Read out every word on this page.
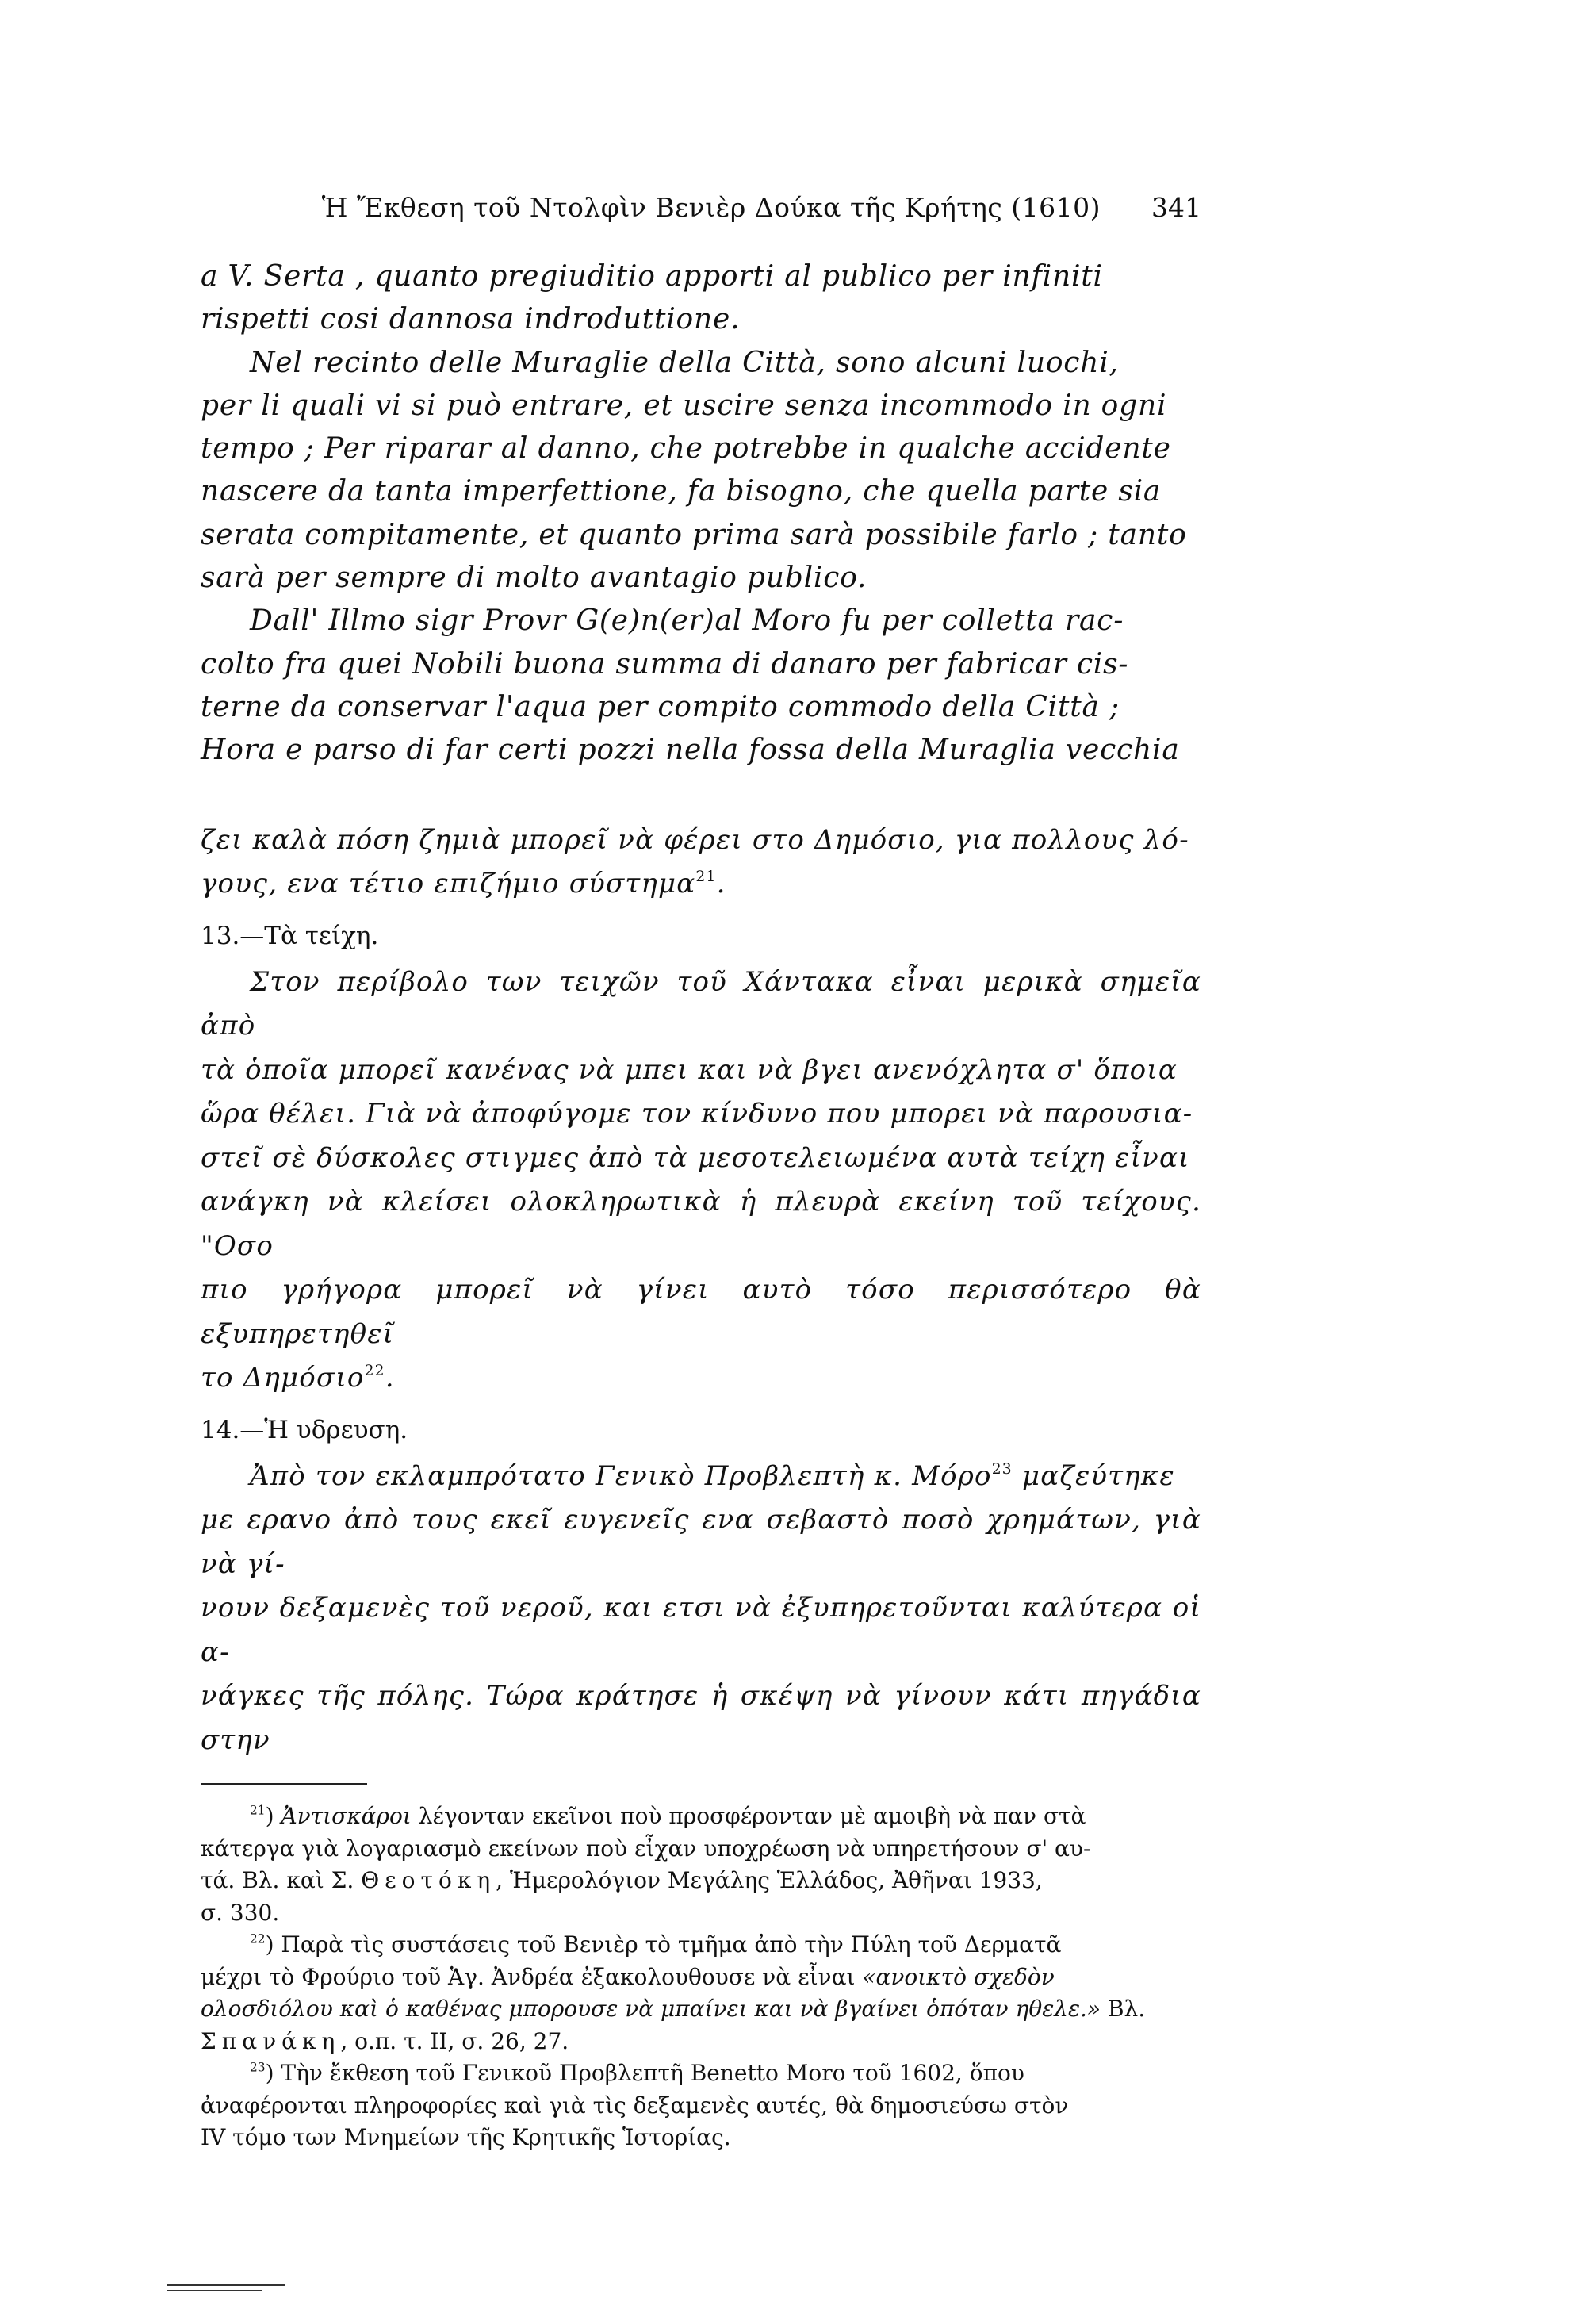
Ἡ Ἔκθεση τοῦ Ντολφὶν Βενιὲρ Δούκα τῆς Κρήτης (1610) 341
a V. Serta , quanto pregiuditio apporti al publico per infiniti
rispetti cosi dannosa indroduttione.
Nel recinto delle Muraglie della Città, sono alcuni luochi,
per li quali vi si può entrare, et uscire senza incommodo in ogni
tempo ; Per riparar al danno, che potrebbe in qualche accidente
nascere da tanta imperfettione, fa bisogno, che quella parte sia
serata compitamente, et quanto prima sarà possibile farlo ; tanto
sarà per sempre di molto avantagio publico.
Dall' Illmo sigr Provr G(e)n(er)al Moro fu per colletta rac-
colto fra quei Nobili buona summa di danaro per fabricar cis-
terne da conservar l'aqua per compito commodo della Città ;
Hora e parso di far certi pozzi nella fossa della Muraglia vecchia
ζει καλὰ πόση ζημιὰ μπορεῖ νὰ φέρει στο Δημόσιο, για πολλους λό-
γους, ενα τέτιο επιζήμιο σύστημα$^{21}$.
13.—Τὰ τείχη.
Στον περίβολο των τειχῶν τοῦ Χάντακα εἶναι μερικὰ σημεῖα ἀπὸ
τὰ ὁποῖα μπορεῖ κανένας νὰ μπει και νὰ βγει ανενόχλητα σ' ὅποια
ὥρα θέλει. Γιὰ νὰ ἀποφύγομε τον κίνδυνο που μπορει νὰ παρουσια-
στεῖ σὲ δύσκολες στιγμες ἀπὸ τὰ μεσοτελειωμένα αυτὰ τείχη εἶναι
ανάγκη νὰ κλείσει ολοκληρωτικὰ ἡ πλευρὰ εκείνη τοῦ τείχους. "Οσο
πιο γρήγορα μπορεῖ νὰ γίνει αυτὸ τόσο περισσότερο θὰ εξυπηρετηθεῖ
το Δημόσιο$^{22}$.
14.—Ἡ υδρευση.
Ἀπὸ τον εκλαμπρότατο Γενικὸ Προβλεπτὴ κ. Μόρο$^{23}$ μαζεύτηκε
με εραvο ἀπὸ τους εκεῖ ευγενεῖς ενα σεβαστὸ ποσὸ χρημάτων, γιὰ νὰ γί-
νουν δεξαμενὲς τοῦ νεροῦ, και ετσι νὰ ἐξυπηρετοῦνται καλύτερα οἱ α-
νάγκες τῆς πόλης. Τώρα κράτησε ἡ σκέψη νὰ γίνουν κάτι πηγάδια στην
$^{21}$) Ἀντισκάροι λέγονταν εκεῖνοι ποὺ προσφέρονταν μὲ αμοιβὴ νὰ παν στὰ
κάτεργα γιὰ λογαριασμὸ εκείνων ποὺ εἶχαν υποχρέωση νὰ υπηρετήσουν σ' αυ-
τά. Βλ. καὶ Σ. Θεοτόκη, Ἡμερολόγιον Μεγάλης Ἑλλάδος, Ἀθῆναι 1933,
σ. 330.
$^{22}$) Παρὰ τὶς συστάσεις τοῦ Βενιὲρ τὸ τμῆμα ἀπὸ τὴν Πύλη τοῦ Δερματᾶ
μέχρι τὸ Φρούριο τοῦ Ἁγ. Ἀνδρέα ἐξακολουθουσε νὰ εἶναι «ανοικτὸ σχεδὸν
ολοσδιόλου καὶ ὁ καθένας μπορουσε νὰ μπαίνει και νὰ βγαίνει ὁπόταν ηθελε.» Βλ.
Σπανάκη, ο.π. τ. ΙΙ, σ. 26, 27.
$^{23}$) Τὴν ἔκθεση τοῦ Γενικοῦ Προβλεπτῆ Benetto Moro τοῦ 1602, ὅπου
ἀναφέρονται πληροφορίες καὶ γιὰ τὶς δεξαμενὲς αυτές, θὰ δημοσιεύσω στὸν
IV τόμο των Μνημείων τῆς Κρητικῆς Ἱστορίας.
